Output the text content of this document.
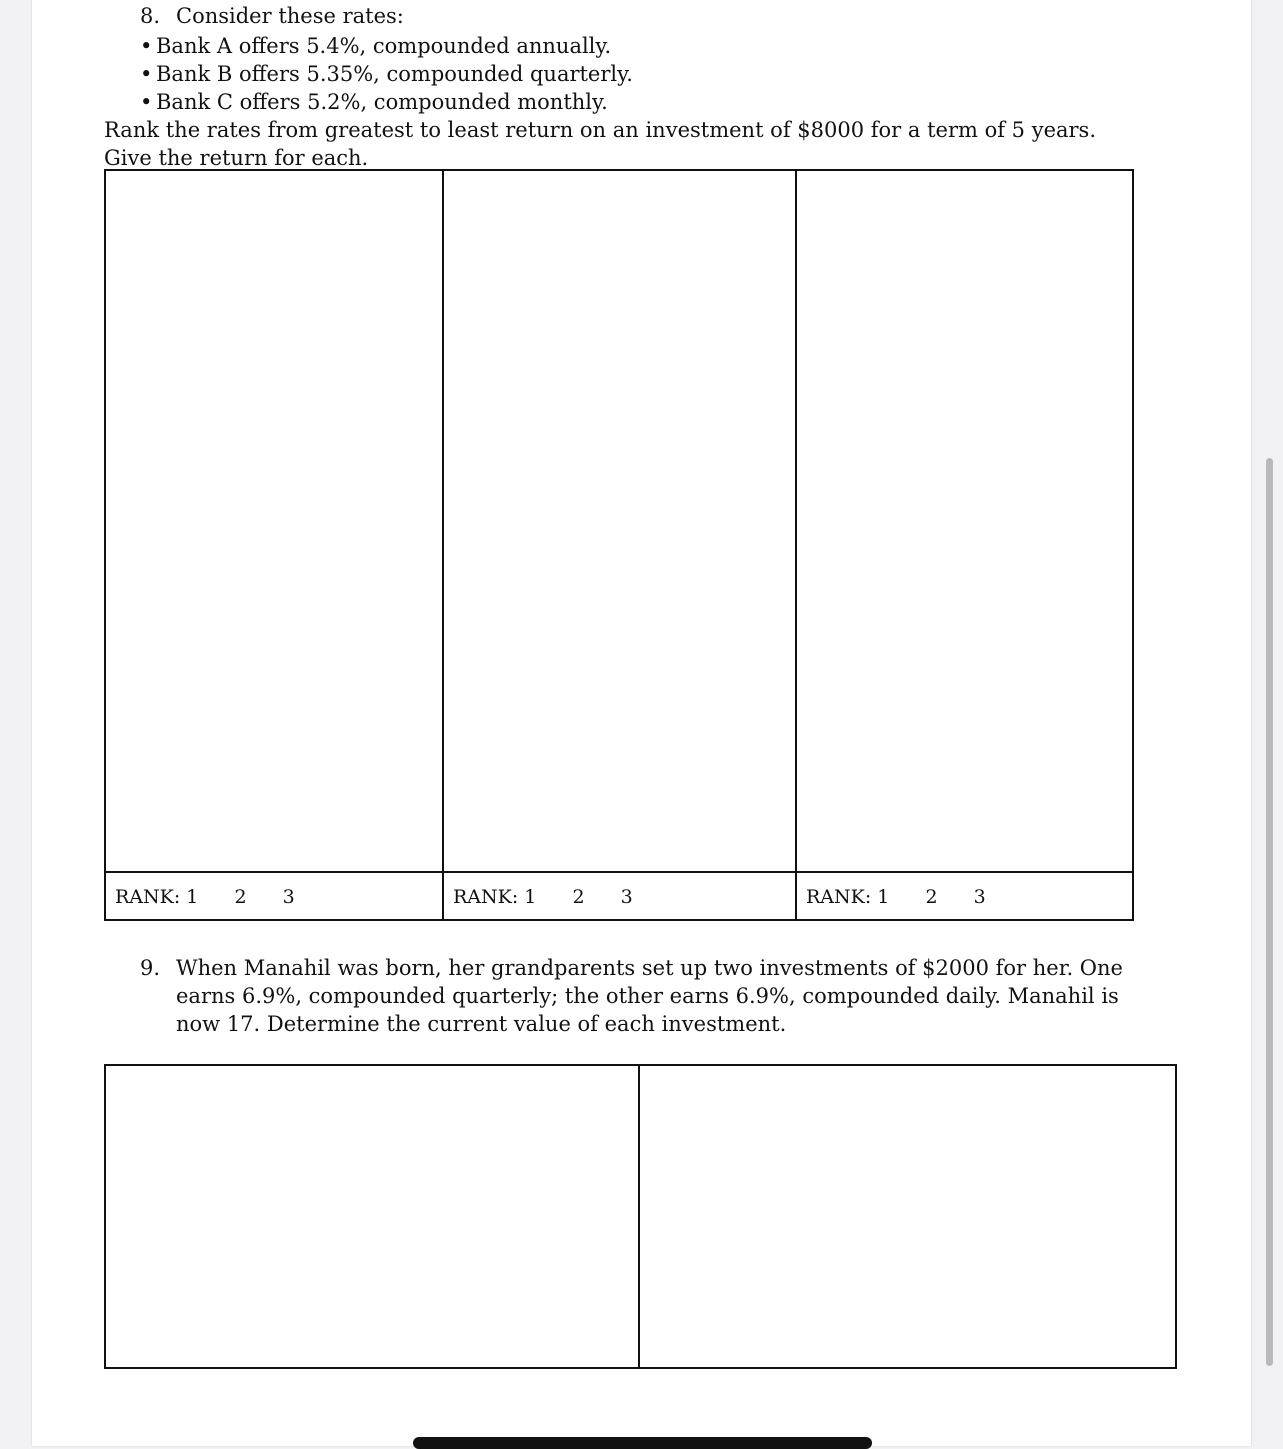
8. Consider these rates:
• Bank A offers 5.4%, compounded annually.
• Bank B offers 5.35%, compounded quarterly.
• Bank C offers 5.2%, compounded monthly.
Rank the rates from greatest to least return on an investment of $8000 for a term of 5 years. Give the return for each.
RANK: 1 2 3	RANK: 1 2 3	RANK: 1 2 3
9. When Manahil was born, her grandparents set up two investments of $2000 for her. One earns 6.9%, compounded quarterly; the other earns 6.9%, compounded daily. Manahil is now 17. Determine the current value of each investment.
